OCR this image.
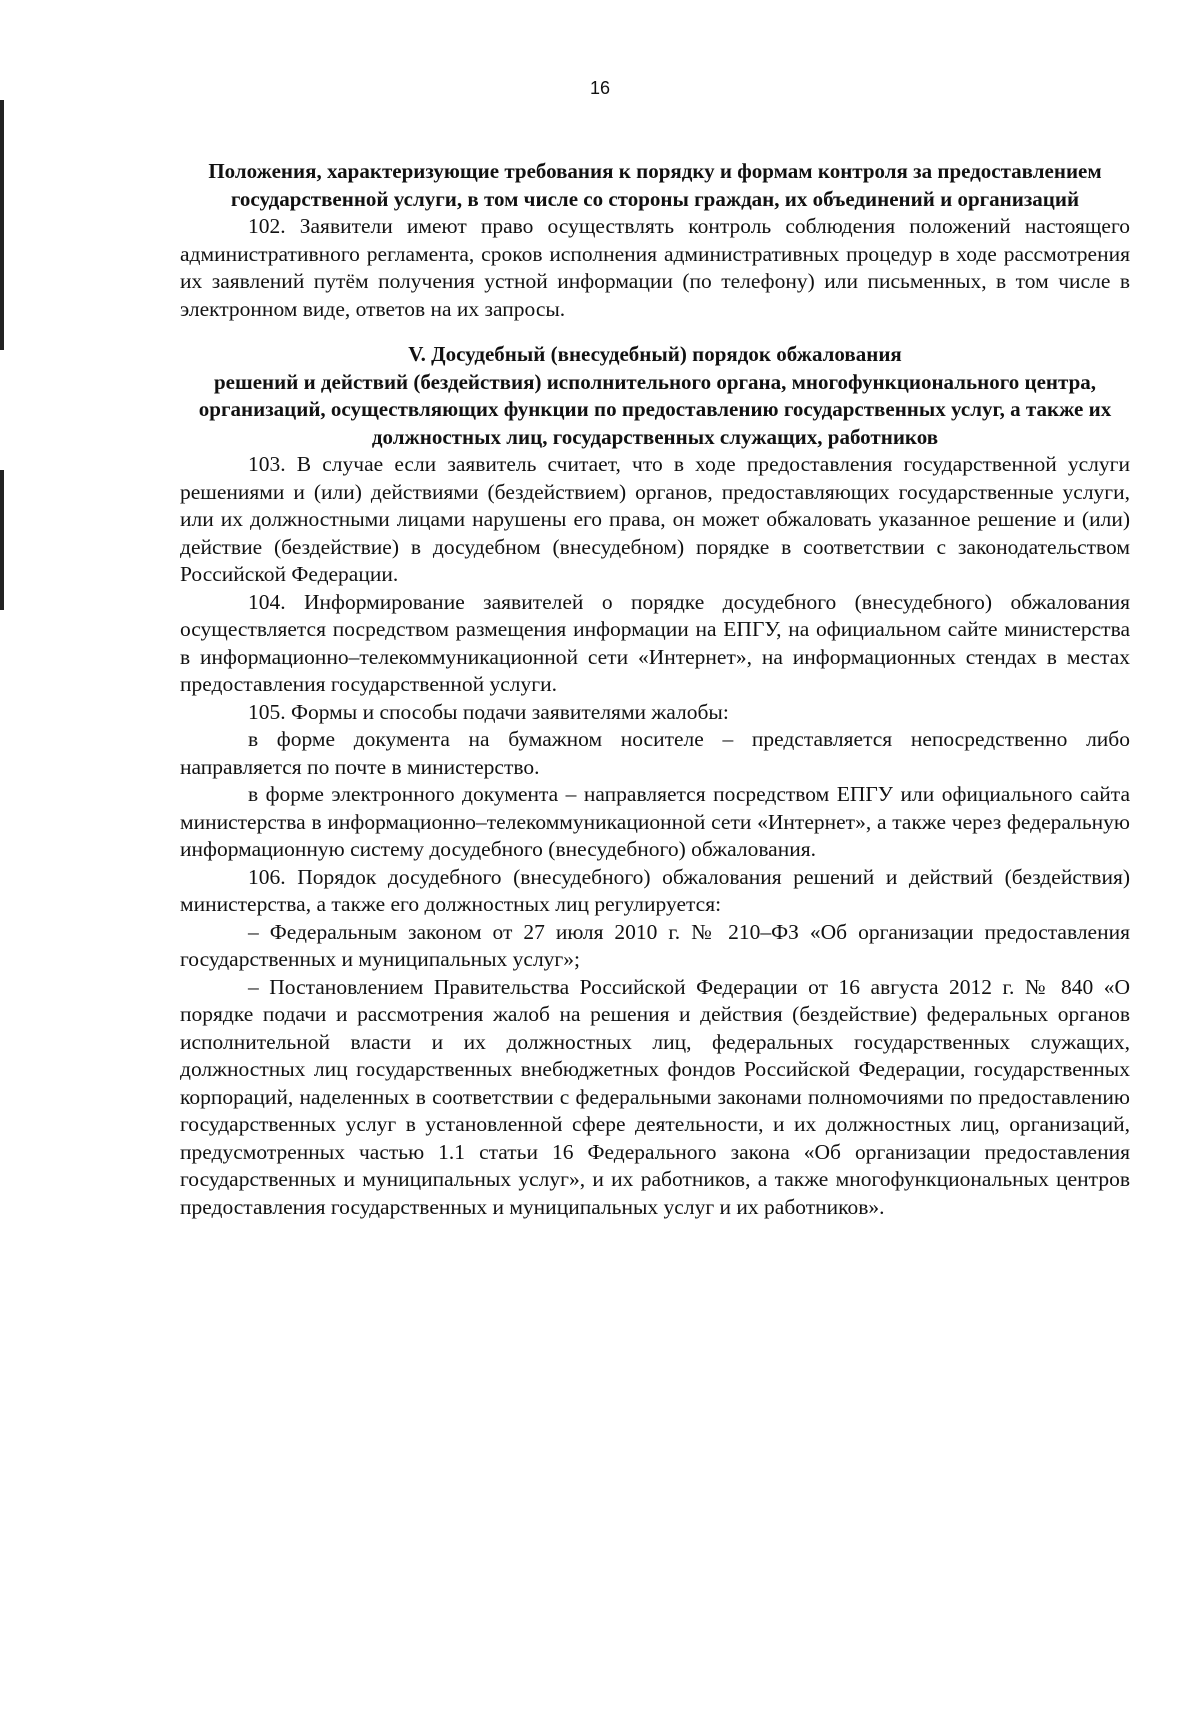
16

Положения, характеризующие требования к порядку и формам контроля за предоставлением государственной услуги, в том числе со стороны граждан, их объединений и организаций

102. Заявители имеют право осуществлять контроль соблюдения положений настоящего административного регламента, сроков исполнения административных процедур в ходе рассмотрения их заявлений путём получения устной информации (по телефону) или письменных, в том числе в электронном виде, ответов на их запросы.

V. Досудебный (внесудебный) порядок обжалования

решений и действий (бездействия) исполнительного органа, многофункционального центра, организаций, осуществляющих функции по предоставлению государственных услуг, а также их должностных лиц, государственных служащих, работников

103. В случае если заявитель считает, что в ходе предоставления государственной услуги решениями и (или) действиями (бездействием) органов, предоставляющих государственные услуги, или их должностными лицами нарушены его права, он может обжаловать указанное решение и (или) действие (бездействие) в досудебном (внесудебном) порядке в соответствии с законодательством Российской Федерации.

104. Информирование заявителей о порядке досудебного (внесудебного) обжалования осуществляется посредством размещения информации на ЕПГУ, на официальном сайте министерства в информационно–телекоммуникационной сети «Интернет», на информационных стендах в местах предоставления государственной услуги.

105. Формы и способы подачи заявителями жалобы:

в форме документа на бумажном носителе – представляется непосредственно либо направляется по почте в министерство.

в форме электронного документа – направляется посредством ЕПГУ или официального сайта министерства в информационно–телекоммуникационной сети «Интернет», а также через федеральную информационную систему досудебного (внесудебного) обжалования.

106. Порядок досудебного (внесудебного) обжалования решений и действий (бездействия) министерства, а также его должностных лиц регулируется:

– Федеральным законом от 27 июля 2010 г. № 210–ФЗ «Об организации предоставления государственных и муниципальных услуг»;

– Постановлением Правительства Российской Федерации от 16 августа 2012 г. № 840 «О порядке подачи и рассмотрения жалоб на решения и действия (бездействие) федеральных органов исполнительной власти и их должностных лиц, федеральных государственных служащих, должностных лиц государственных внебюджетных фондов Российской Федерации, государственных корпораций, наделенных в соответствии с федеральными законами полномочиями по предоставлению государственных услуг в установленной сфере деятельности, и их должностных лиц, организаций, предусмотренных частью 1.1 статьи 16 Федерального закона «Об организации предоставления государственных и муниципальных услуг», и их работников, а также многофункциональных центров предоставления государственных и муниципальных услуг и их работников».
